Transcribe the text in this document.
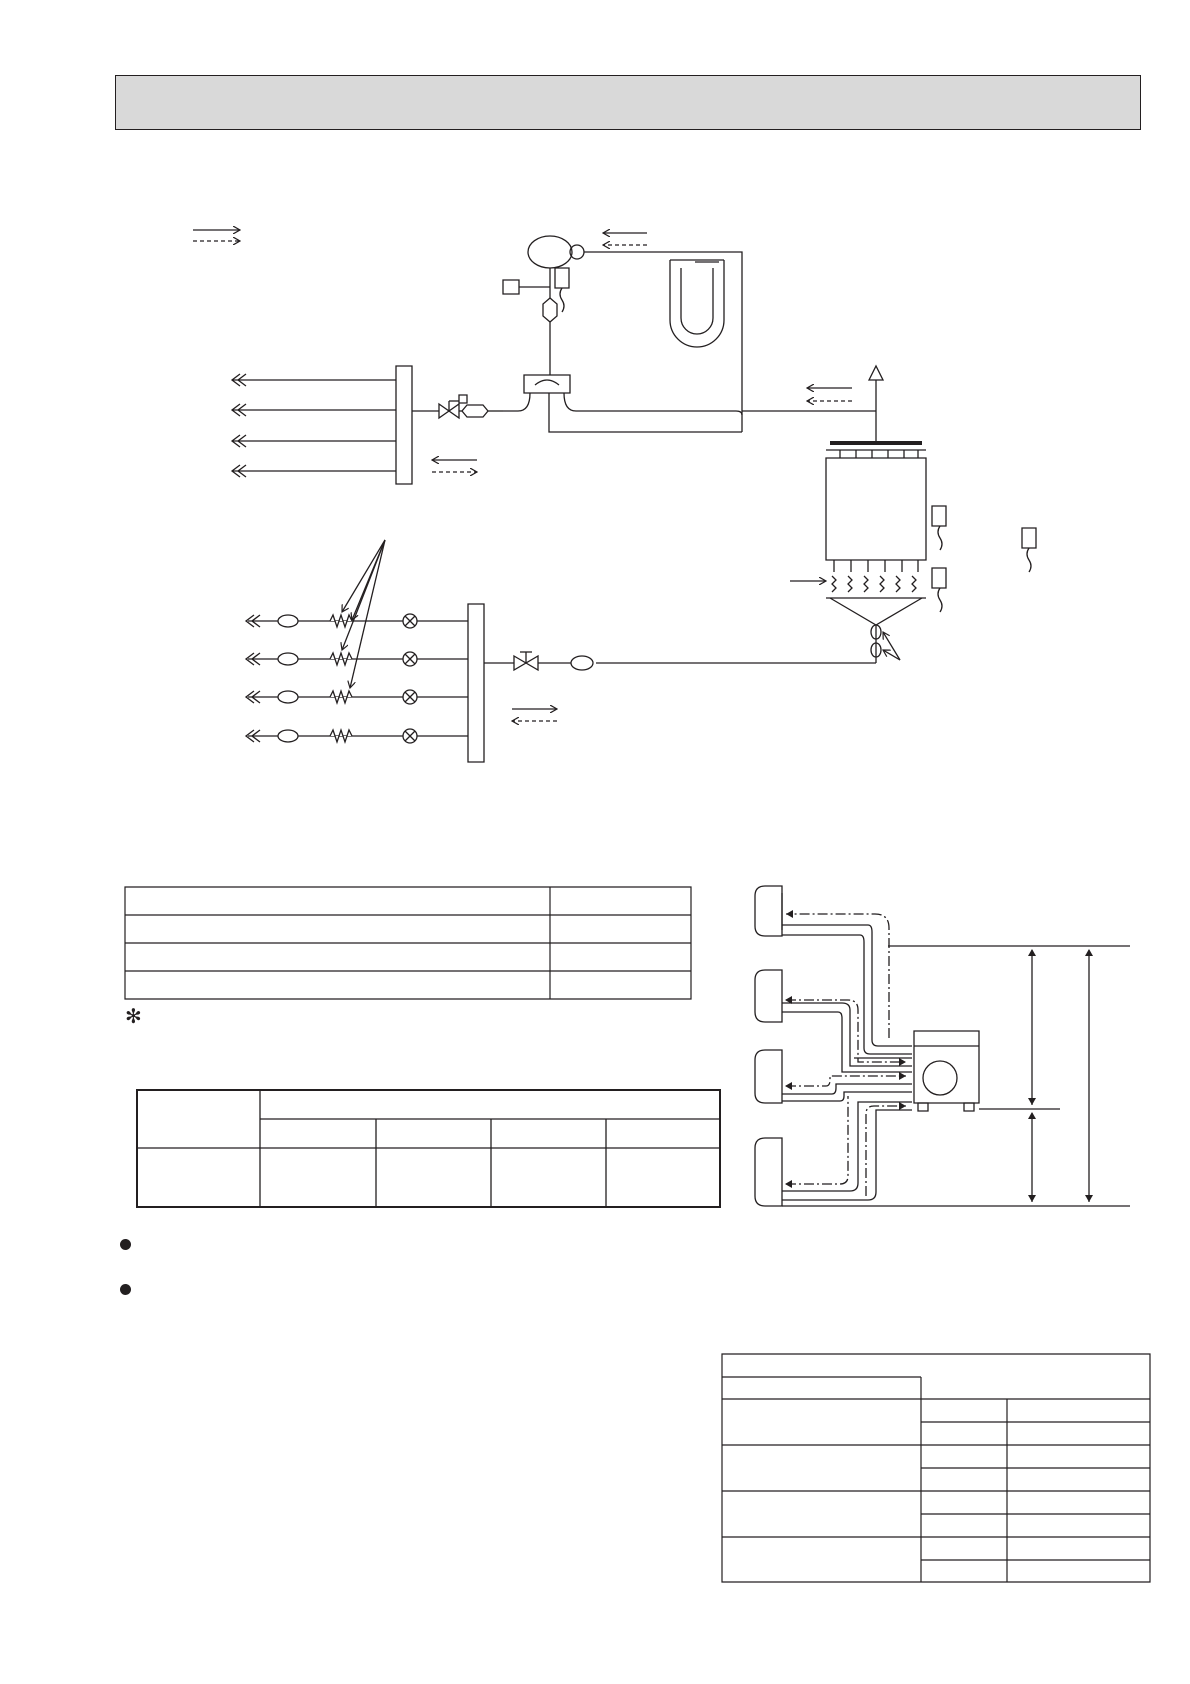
✻
